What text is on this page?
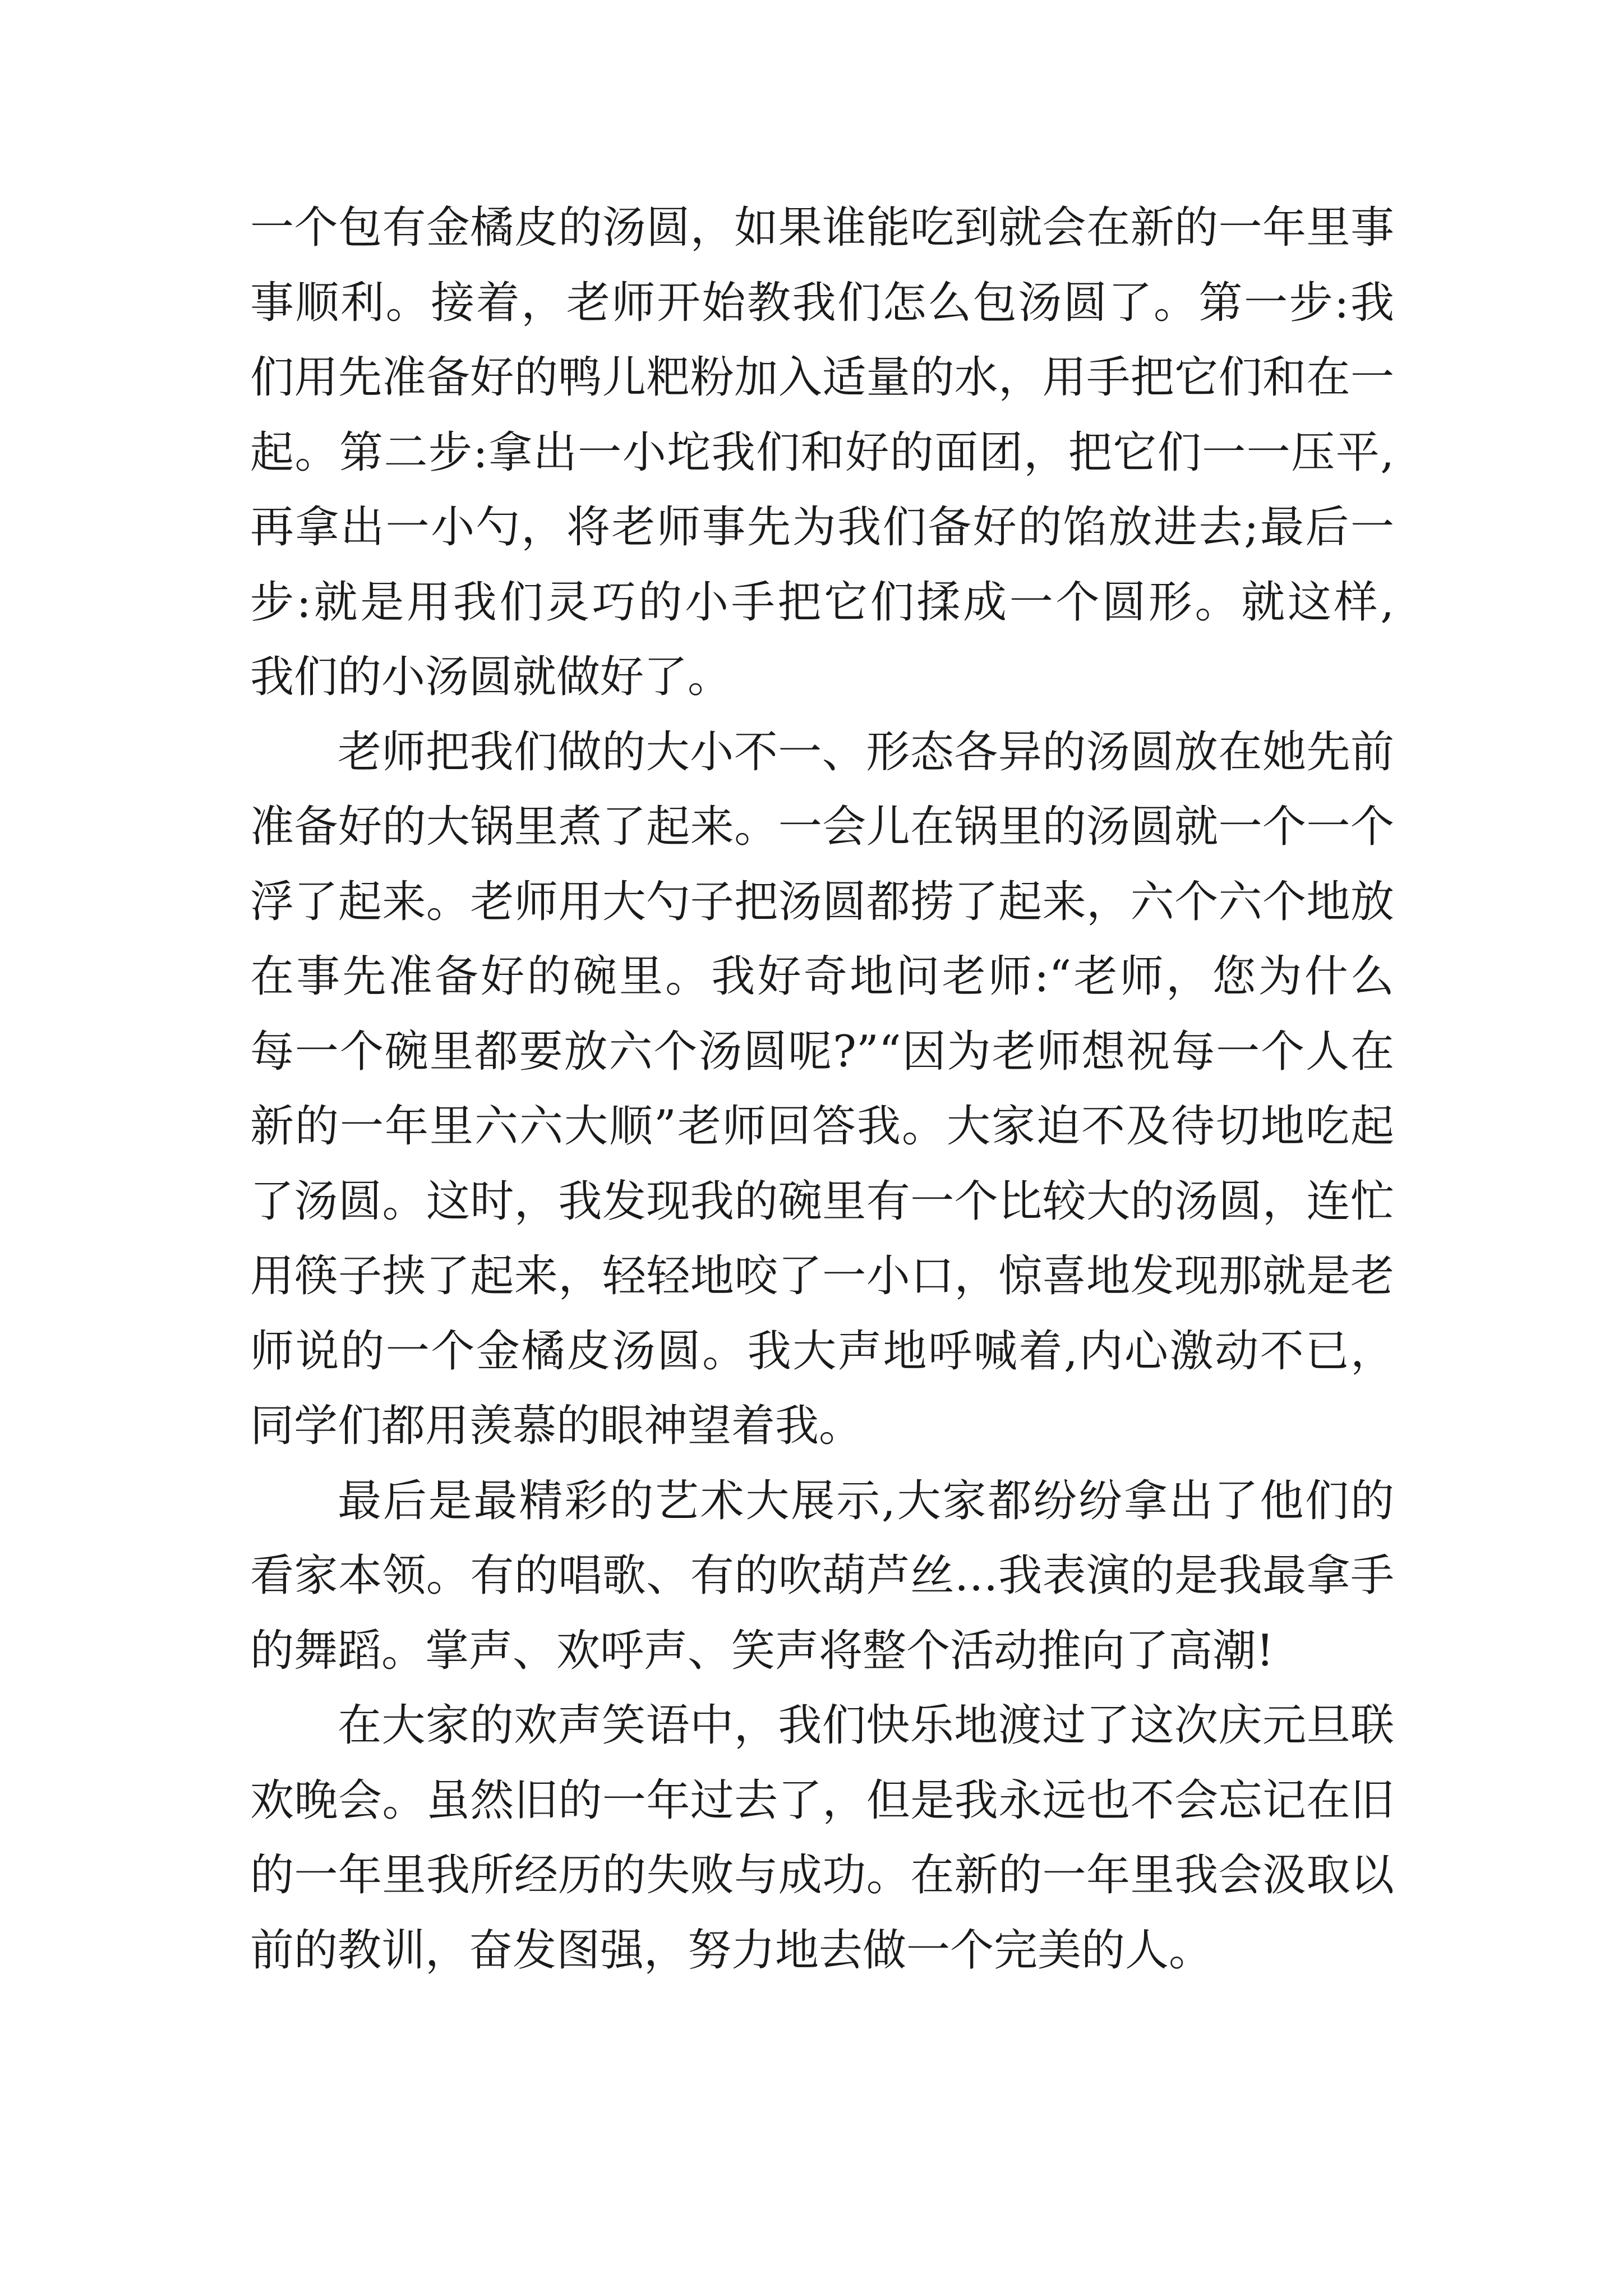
一个包有金橘皮的汤圆，如果谁能吃到就会在新的一年里事
事顺利。接着，老师开始教我们怎么包汤圆了。第一步:我
们用先准备好的鸭儿粑粉加入适量的水，用手把它们和在一
起。第二步:拿出一小坨我们和好的面团，把它们一一压平,
再拿出一小勺，将老师事先为我们备好的馅放进去;最后一
步:就是用我们灵巧的小手把它们揉成一个圆形。就这样,
我们的小汤圆就做好了。
老师把我们做的大小不一、形态各异的汤圆放在她先前
准备好的大锅里煮了起来。一会儿在锅里的汤圆就一个一个
浮了起来。老师用大勺子把汤圆都捞了起来，六个六个地放
在事先准备好的碗里。我好奇地问老师:“老师，您为什么
每一个碗里都要放六个汤圆呢?”“因为老师想祝每一个人在
新的一年里六六大顺”老师回答我。大家迫不及待切地吃起
了汤圆。这时，我发现我的碗里有一个比较大的汤圆，连忙
用筷子挟了起来，轻轻地咬了一小口，惊喜地发现那就是老
师说的一个金橘皮汤圆。我大声地呼喊着,内心激动不已，
同学们都用羡慕的眼神望着我。
最后是最精彩的艺术大展示,大家都纷纷拿出了他们的
看家本领。有的唱歌、有的吹葫芦丝…我表演的是我最拿手
的舞蹈。掌声、欢呼声、笑声将整个活动推向了高潮!
在大家的欢声笑语中，我们快乐地渡过了这次庆元旦联
欢晚会。虽然旧的一年过去了，但是我永远也不会忘记在旧
的一年里我所经历的失败与成功。在新的一年里我会汲取以
前的教训，奋发图强，努力地去做一个完美的人。
